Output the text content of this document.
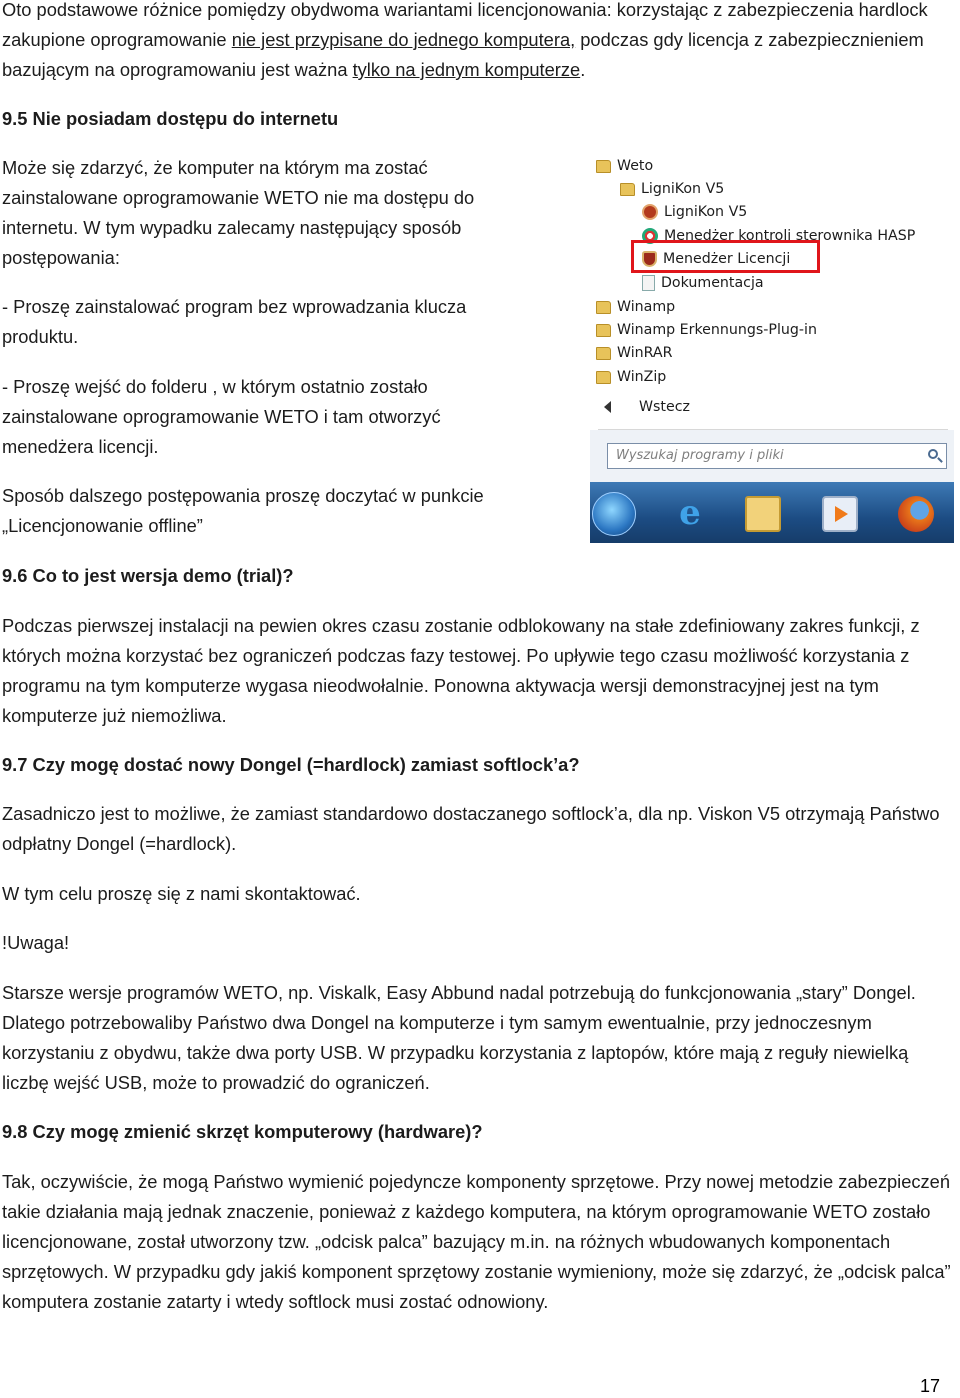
Oto podstawowe różnice pomiędzy obydwoma wariantami licencjonowania: korzystając z zabezpieczenia hardlock zakupione oprogramowanie nie jest przypisane do jednego komputera, podczas gdy licencja z zabezpiecznieniem bazującym na oprogramowaniu jest ważna tylko na jednym komputerze.

9.5 Nie posiadam dostępu do internetu

Może się zdarzyć, że komputer na którym ma zostać zainstalowane oprogramowanie WETO nie ma dostępu do internetu. W tym wypadku zalecamy następujący sposób postępowania:

- Proszę zainstalować program bez wprowadzania klucza produktu.

- Proszę wejść do folderu , w którym ostatnio zostało zainstalowane oprogramowanie WETO i tam otworzyć menedżera licencji.

Sposób dalszego postępowania proszę doczytać w punkcie „Licencjonowanie offline”

Weto
LigniKon V5
LigniKon V5
Menedżer kontroli sterownika HASP
Menedżer Licencji
Dokumentacja
Winamp
Winamp Erkennungs-Plug-in
WinRAR
WinZip
Wstecz
Wyszukaj programy i pliki
e

9.6 Co to jest wersja demo (trial)?

Podczas pierwszej instalacji na pewien okres czasu zostanie odblokowany na stałe zdefiniowany zakres funkcji, z których można korzystać bez ograniczeń podczas fazy testowej. Po upływie tego czasu możliwość korzystania z programu na tym komputerze wygasa nieodwołalnie. Ponowna aktywacja wersji demonstracyjnej jest na tym komputerze już niemożliwa.

9.7 Czy mogę dostać nowy Dongel (=hardlock) zamiast softlock’a?

Zasadniczo jest to możliwe, że zamiast standardowo dostaczanego softlock’a, dla np. Viskon V5 otrzymają Państwo odpłatny Dongel (=hardlock).

W tym celu proszę się z nami skontaktować.

!Uwaga!

Starsze wersje programów WETO, np. Viskalk, Easy Abbund nadal potrzebują do funkcjonowania „stary” Dongel. Dlatego potrzebowaliby Państwo dwa Dongel na komputerze i tym samym ewentualnie, przy jednoczesnym korzystaniu z obydwu, także dwa porty USB. W przypadku korzystania z laptopów, które mają z reguły niewielką liczbę wejść USB, może to prowadzić do ograniczeń.

9.8 Czy mogę zmienić skrzęt komputerowy (hardware)?

Tak, oczywiście, że mogą Państwo wymienić pojedyncze komponenty sprzętowe. Przy nowej metodzie zabezpieczeń takie działania mają jednak znaczenie, ponieważ z każdego komputera, na którym oprogramowanie WETO zostało licencjonowane, został utworzony tzw. „odcisk palca” bazujący m.in. na różnych wbudowanych komponentach sprzętowych. W przypadku gdy jakiś komponent sprzętowy zostanie wymieniony, może się zdarzyć, że „odcisk palca” komputera zostanie zatarty i wtedy softlock musi zostać odnowiony.

17
